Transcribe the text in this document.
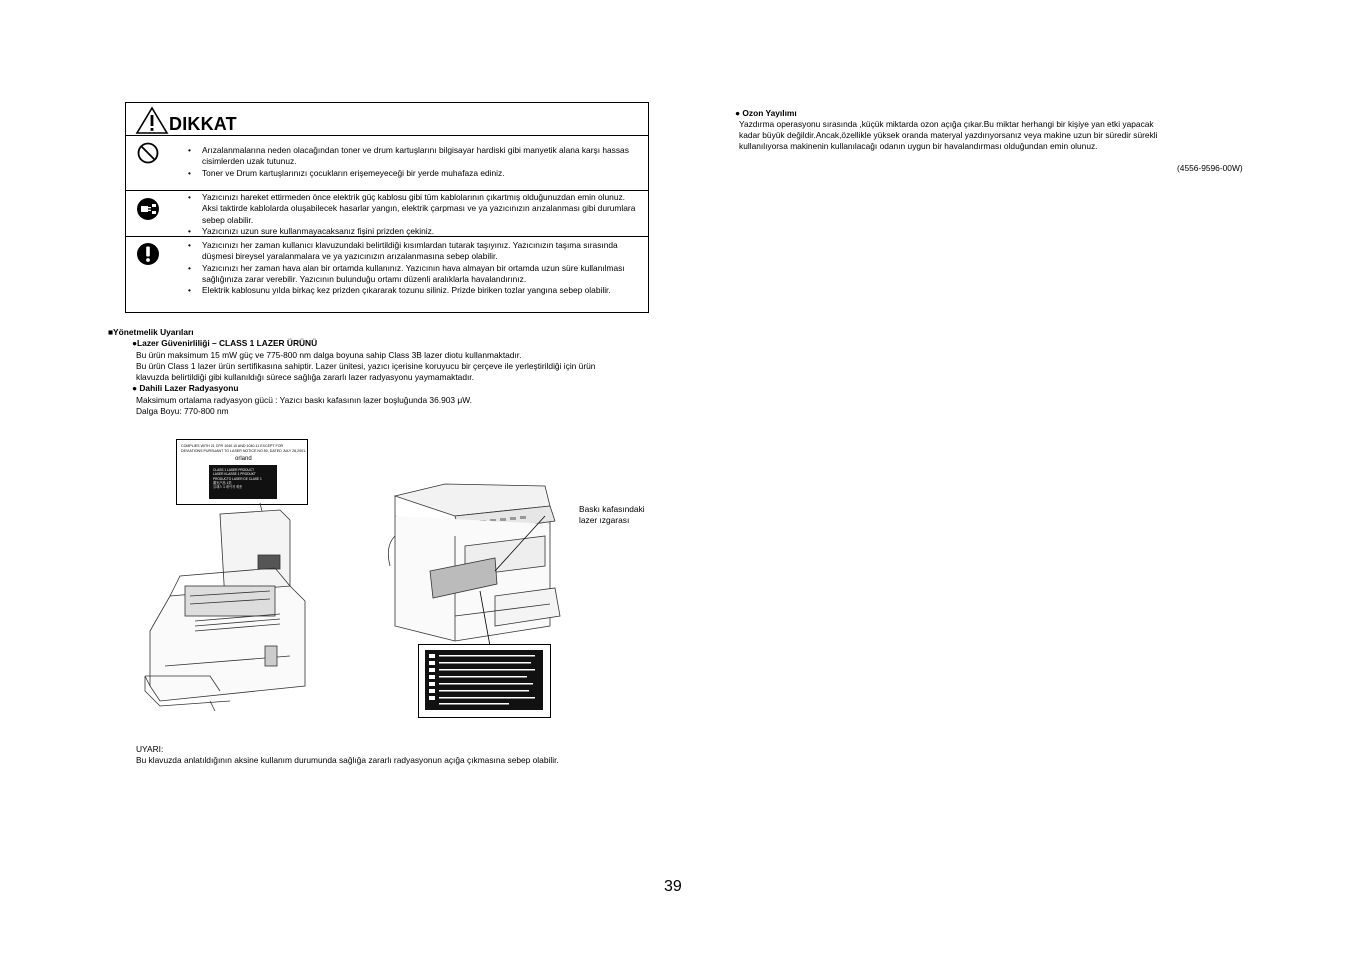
DIKKAT
• Arızalanmalarına neden olacağından toner ve drum kartuşlarını bilgisayar hardiski gibi manyetik alana karşı hassas cisimlerden uzak tutunuz.
• Toner ve Drum kartuşlarınızı çocukların erişemeyeceği bir yerde muhafaza ediniz.
• Yazıcınızı hareket ettirmeden önce elektrik güç kablosu gibi tüm kablolarının çıkartmış olduğunuzdan emin olunuz. Aksi taktirde kablolarda oluşabilecek hasarlar yangın, elektrik çarpması ve ya yazıcınızın arızalanması gibi durumlara sebep olabilir.
• Yazıcınızı uzun sure kullanmayacaksanız fişini prizden çekiniz.
• Yazıcınızı her zaman kullanıcı klavuzundaki belirtildiği kısımlardan tutarak taşıyınız. Yazıcınızın taşıma sırasında düşmesi bireysel yaralanmalara ve ya yazıcınızın arızalanmasına sebep olabilir.
• Yazıcınızı her zaman hava alan bir ortamda kullanınız. Yazıcının hava almayan bir ortamda uzun süre kullanılması sağlığınıza zarar verebilir. Yazıcının bulunduğu ortamı düzenli aralıklarla havalandırınız.
• Elektrik kablosunu yılda birkaç kez prizden çıkararak tozunu siliniz. Prizde biriken tozlar yangına sebep olabilir.
■Yönetmelik Uyarıları
●Lazer Güvenirliliği – CLASS 1 LAZER ÜRÜNÜ
Bu ürün maksimum 15 mW güç ve 775-800 nm dalga boyuna sahip Class 3B lazer diotu kullanmaktadır.
Bu ürün Class 1 lazer ürün sertifikasına sahiptir. Lazer ünitesi, yazıcı içerisine koruyucu bir çerçeve ile yerleştirildiği için ürün
klavuzda belirtildiği gibi kullanıldığı sürece sağlığa zararlı lazer radyasyonu yaymamaktadır.
● Dahili Lazer Radyasyonu
Maksimum ortalama radyasyon gücü : Yazıcı baskı kafasının lazer boşluğunda 36.903 μW.
Dalga Boyu: 770-800 nm
COMPLIES WITH 21 CFR 1040.10 AND 1040.11 EXCEPT FOR
DEVIATIONS PURSUANT TO LASER NOTICE NO.50, DATED JULY 26,2001.
orland
CLASS 1 LASER PRODUCT
LASER KLASSE 1 PRODUKT
PRODUCTO LASER DE CLASE 1
激光产品 1类
클래스 1 레이저 제품
Baskı kafasındaki
lazer ızgarası
UYARI:
Bu klavuzda anlatıldığının aksine kullanım durumunda sağlığa zararlı radyasyonun açığa çıkmasına sebep olabilir.
● Ozon Yayılımı
Yazdırma operasyonu sırasında ,küçük miktarda ozon açığa çıkar.Bu miktar herhangi bir kişiye yan etki yapacak
kadar büyük değildir.Ancak,özellikle yüksek oranda materyal yazdırıyorsanız veya makine uzun bir süredir sürekli
kullanılıyorsa makinenin kullanılacağı odanın uygun bir havalandırması olduğundan emin olunuz.
(4556-9596-00W)
39
